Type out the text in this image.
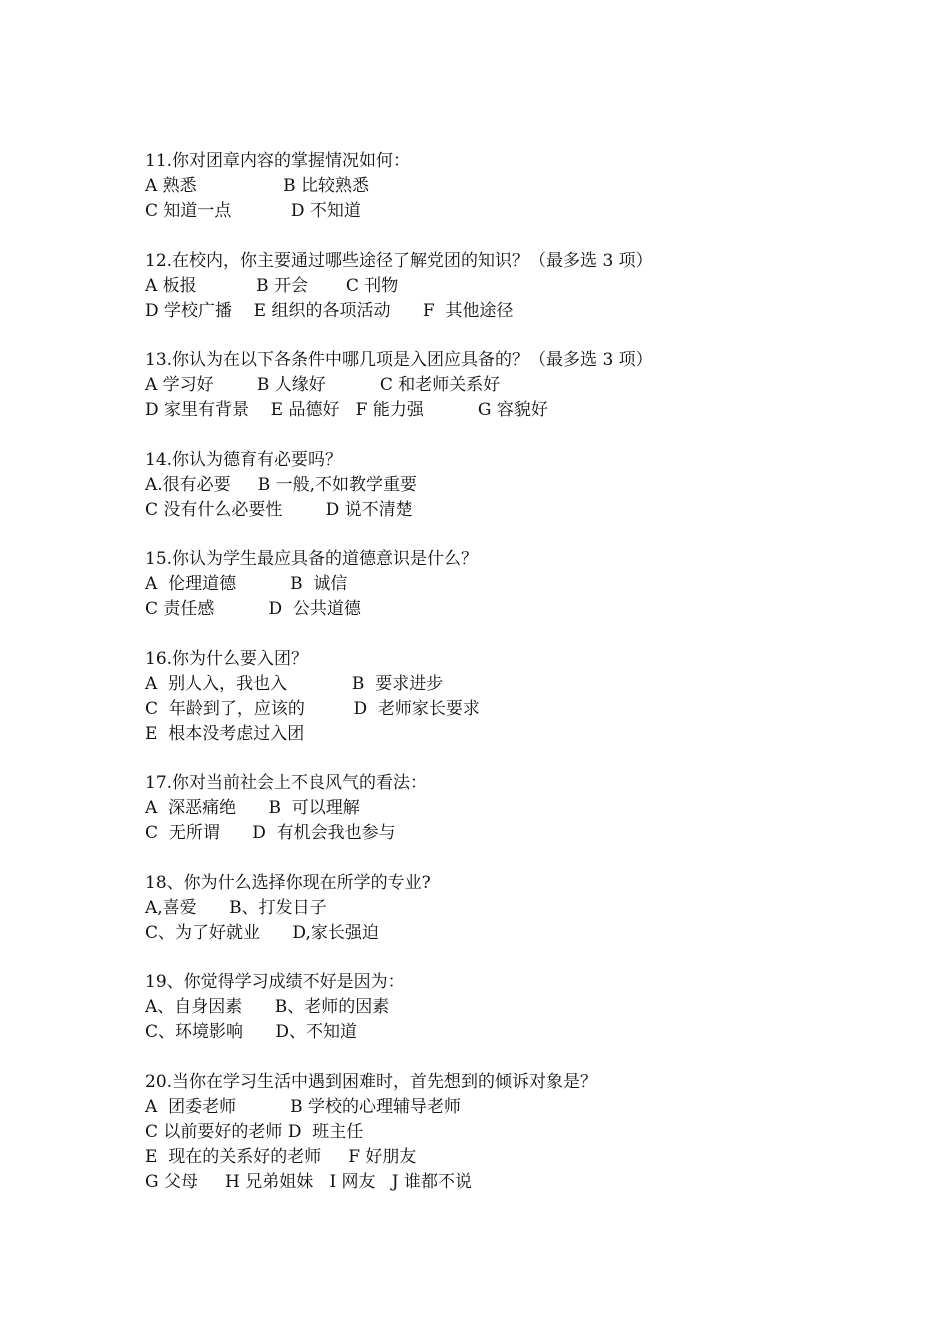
11.你对团章内容的掌握情况如何：
A 熟悉                B 比较熟悉
C 知道一点           D 不知道
12.在校内，你主要通过哪些途径了解党团的知识？（最多选 3 项）
A 板报           B 开会       C 刊物
D 学校广播    E 组织的各项活动      F  其他途径
13.你认为在以下各条件中哪几项是入团应具备的？（最多选 3 项）
A 学习好        B 人缘好          C 和老师关系好
D 家里有背景    E 品德好   F 能力强          G 容貌好
14.你认为德育有必要吗？
A.很有必要     B 一般,不如教学重要
C 没有什么必要性        D 说不清楚
15.你认为学生最应具备的道德意识是什么？
A  伦理道德          B  诚信
C 责任感          D  公共道德
16.你为什么要入团？
A  别人入，我也入            B  要求进步
C  年龄到了，应该的         D  老师家长要求
E  根本没考虑过入团
17.你对当前社会上不良风气的看法：
A  深恶痛绝      B  可以理解
C  无所谓      D  有机会我也参与
18、你为什么选择你现在所学的专业?
A,喜爱      B、打发日子
C、为了好就业      D,家长强迫
19、你觉得学习成绩不好是因为：
A、自身因素      B、老师的因素
C、环境影响      D、不知道
20.当你在学习生活中遇到困难时，首先想到的倾诉对象是？
A  团委老师          B 学校的心理辅导老师
C 以前要好的老师 D  班主任
E  现在的关系好的老师     F 好朋友
G 父母     H 兄弟姐妹   I 网友   J 谁都不说
